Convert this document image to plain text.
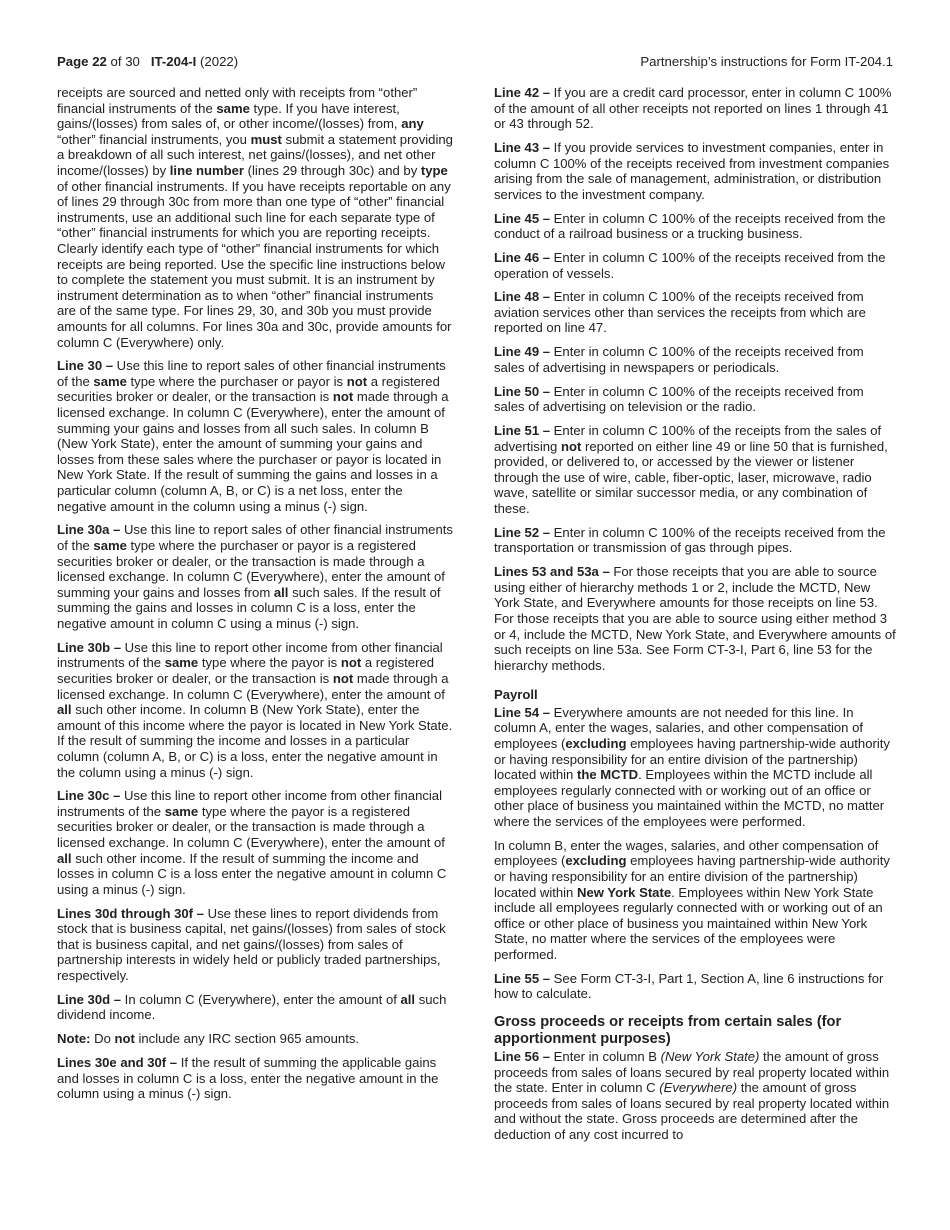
Page 22 of 30 IT-204-I (2022)	Partnership’s instructions for Form IT-204.1

receipts are sourced and netted only with receipts from “other” financial instruments of the same type. If you have interest, gains/(losses) from sales of, or other income/(losses) from, any “other” financial instruments, you must submit a statement providing a breakdown of all such interest, net gains/(losses), and net other income/(losses) by line number (lines 29 through 30c) and by type of other financial instruments. If you have receipts reportable on any of lines 29 through 30c from more than one type of “other” financial instruments, use an additional such line for each separate type of “other” financial instruments for which you are reporting receipts. Clearly identify each type of “other” financial instruments for which receipts are being reported. Use the specific line instructions below to complete the statement you must submit. It is an instrument by instrument determination as to when “other” financial instruments are of the same type. For lines 29, 30, and 30b you must provide amounts for all columns. For lines 30a and 30c, provide amounts for column C (Everywhere) only.

Line 30 – Use this line to report sales of other financial instruments of the same type where the purchaser or payor is not a registered securities broker or dealer, or the transaction is not made through a licensed exchange. In column C (Everywhere), enter the amount of summing your gains and losses from all such sales. In column B (New York State), enter the amount of summing your gains and losses from these sales where the purchaser or payor is located in New York State. If the result of summing the gains and losses in a particular column (column A, B, or C) is a net loss, enter the negative amount in the column using a minus (-) sign.

Line 30a – Use this line to report sales of other financial instruments of the same type where the purchaser or payor is a registered securities broker or dealer, or the transaction is made through a licensed exchange. In column C (Everywhere), enter the amount of summing your gains and losses from all such sales. If the result of summing the gains and losses in column C is a loss, enter the negative amount in column C using a minus (-) sign.

Line 30b – Use this line to report other income from other financial instruments of the same type where the payor is not a registered securities broker or dealer, or the transaction is not made through a licensed exchange. In column C (Everywhere), enter the amount of all such other income. In column B (New York State), enter the amount of this income where the payor is located in New York State. If the result of summing the income and losses in a particular column (column A, B, or C) is a loss, enter the negative amount in the column using a minus (-) sign.

Line 30c – Use this line to report other income from other financial instruments of the same type where the payor is a registered securities broker or dealer, or the transaction is made through a licensed exchange. In column C (Everywhere), enter the amount of all such other income. If the result of summing the income and losses in column C is a loss enter the negative amount in column C using a minus (-) sign.

Lines 30d through 30f – Use these lines to report dividends from stock that is business capital, net gains/(losses) from sales of stock that is business capital, and net gains/(losses) from sales of partnership interests in widely held or publicly traded partnerships, respectively.

Line 30d – In column C (Everywhere), enter the amount of all such dividend income.

Note: Do not include any IRC section 965 amounts.

Lines 30e and 30f – If the result of summing the applicable gains and losses in column C is a loss, enter the negative amount in the column using a minus (-) sign.

Line 42 – If you are a credit card processor, enter in column C 100% of the amount of all other receipts not reported on lines 1 through 41 or 43 through 52.

Line 43 – If you provide services to investment companies, enter in column C 100% of the receipts received from investment companies arising from the sale of management, administration, or distribution services to the investment company.

Line 45 – Enter in column C 100% of the receipts received from the conduct of a railroad business or a trucking business.

Line 46 – Enter in column C 100% of the receipts received from the operation of vessels.

Line 48 – Enter in column C 100% of the receipts received from aviation services other than services the receipts from which are reported on line 47.

Line 49 – Enter in column C 100% of the receipts received from sales of advertising in newspapers or periodicals.

Line 50 – Enter in column C 100% of the receipts received from sales of advertising on television or the radio.

Line 51 – Enter in column C 100% of the receipts from the sales of advertising not reported on either line 49 or line 50 that is furnished, provided, or delivered to, or accessed by the viewer or listener through the use of wire, cable, fiber-optic, laser, microwave, radio wave, satellite or similar successor media, or any combination of these.

Line 52 – Enter in column C 100% of the receipts received from the transportation or transmission of gas through pipes.

Lines 53 and 53a – For those receipts that you are able to source using either of hierarchy methods 1 or 2, include the MCTD, New York State, and Everywhere amounts for those receipts on line 53. For those receipts that you are able to source using either method 3 or 4, include the MCTD, New York State, and Everywhere amounts of such receipts on line 53a. See Form CT-3-I, Part 6, line 53 for the hierarchy methods.

Payroll

Line 54 – Everywhere amounts are not needed for this line. In column A, enter the wages, salaries, and other compensation of employees (excluding employees having partnership-wide authority or having responsibility for an entire division of the partnership) located within the MCTD. Employees within the MCTD include all employees regularly connected with or working out of an office or other place of business you maintained within the MCTD, no matter where the services of the employees were performed.

In column B, enter the wages, salaries, and other compensation of employees (excluding employees having partnership-wide authority or having responsibility for an entire division of the partnership) located within New York State. Employees within New York State include all employees regularly connected with or working out of an office or other place of business you maintained within New York State, no matter where the services of the employees were performed.

Line 55 – See Form CT-3-I, Part 1, Section A, line 6 instructions for how to calculate.

Gross proceeds or receipts from certain sales (for apportionment purposes)

Line 56 – Enter in column B (New York State) the amount of gross proceeds from sales of loans secured by real property located within the state. Enter in column C (Everywhere) the amount of gross proceeds from sales of loans secured by real property located within and without the state. Gross proceeds are determined after the deduction of any cost incurred to
